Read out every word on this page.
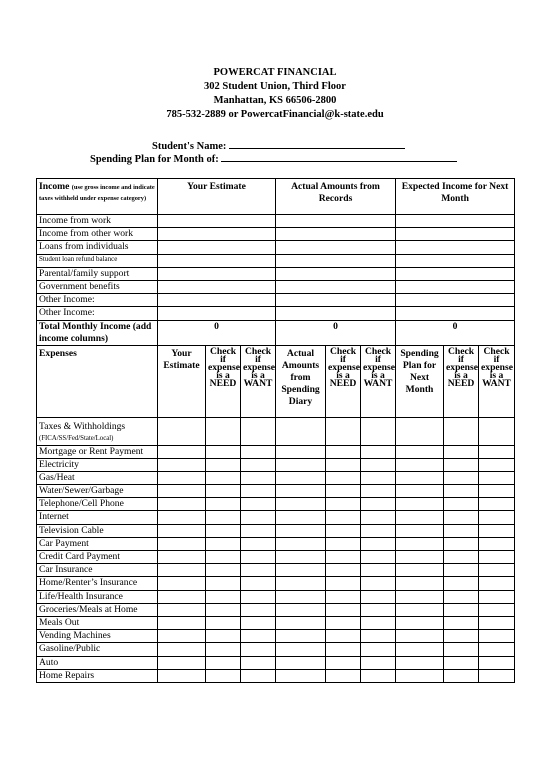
POWERCAT FINANCIAL
302 Student Union, Third Floor
Manhattan, KS 66506-2800
785-532-2889 or PowercatFinancial@k-state.edu
Student's Name:
Spending Plan for Month of:
Income (use gross income and indicate taxes withheld under expense category)	Your Estimate			Actual Amounts from Records			Expected Income for Next Month		
Income from work									
Income from other work									
Loans from individuals									
Student loan refund balance									
Parental/family support									
Government benefits									
Other Income:									
Other Income:									
Total Monthly Income (add income columns)	0			0			0		
Expenses	Your Estimate	Check if expense is a NEED	Check if expense is a WANT	Actual Amounts from Spending Diary	Check if expense is a NEED	Check if expense is a WANT	Spending Plan for Next Month	Check if expense is a NEED	Check if expense is a WANT
Taxes & Withholdings
(FICA/SS/Fed/State/Local)									
Mortgage or Rent Payment									
Electricity									
Gas/Heat									
Water/Sewer/Garbage									
Telephone/Cell Phone									
Internet									
Television Cable									
Car Payment									
Credit Card Payment									
Car Insurance									
Home/Renter’s Insurance									
Life/Health Insurance									
Groceries/Meals at Home									
Meals Out									
Vending Machines									
Gasoline/Public									
Auto									
Home Repairs									
